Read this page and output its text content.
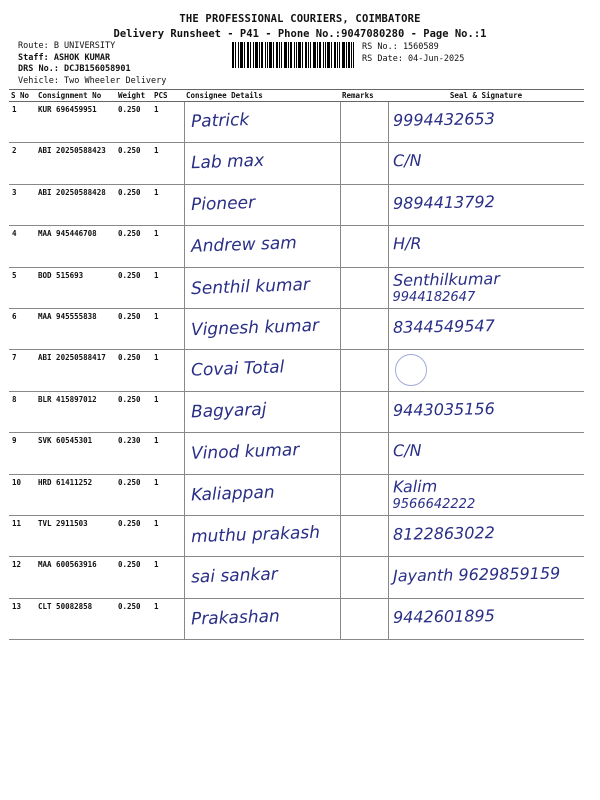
THE PROFESSIONAL COURIERS, COIMBATORE
Delivery Runsheet - P41 - Phone No.:9047080280 - Page No.:1
Route: B UNIVERSITY
Staff: ASHOK KUMAR
DRS No.: DCJB156058901
Vehicle: Two Wheeler Delivery
RS No.: 1560589
RS Date: 04-Jun-2025
S No	Consignment No	Weight	PCS	Consignee Details	Remarks	Seal & Signature
1	KUR 696459951	0.250	1	Patrick		9994432653

2	ABI 20250588423	0.250	1	Lab max		C/N

3	ABI 20250588428	0.250	1	Pioneer		9894413792

4	MAA 945446708	0.250	1	Andrew sam		H/R

5	BOD 515693	0.250	1	Senthil kumar		Senthilkumar
9944182647

6	MAA 945555838	0.250	1	Vignesh kumar		8344549547

7	ABI 20250588417	0.250	1	Covai Total		

8	BLR 415897012	0.250	1	Bagyaraj		9443035156

9	SVK 60545301	0.230	1	Vinod kumar		C/N

10	HRD 61411252	0.250	1	Kaliappan		Kalim
9566642222

11	TVL 2911503	0.250	1	muthu prakash		8122863022

12	MAA 600563916	0.250	1	sai sankar		Jayanth 9629859159

13	CLT 50082858	0.250	1	Prakashan		9442601895
